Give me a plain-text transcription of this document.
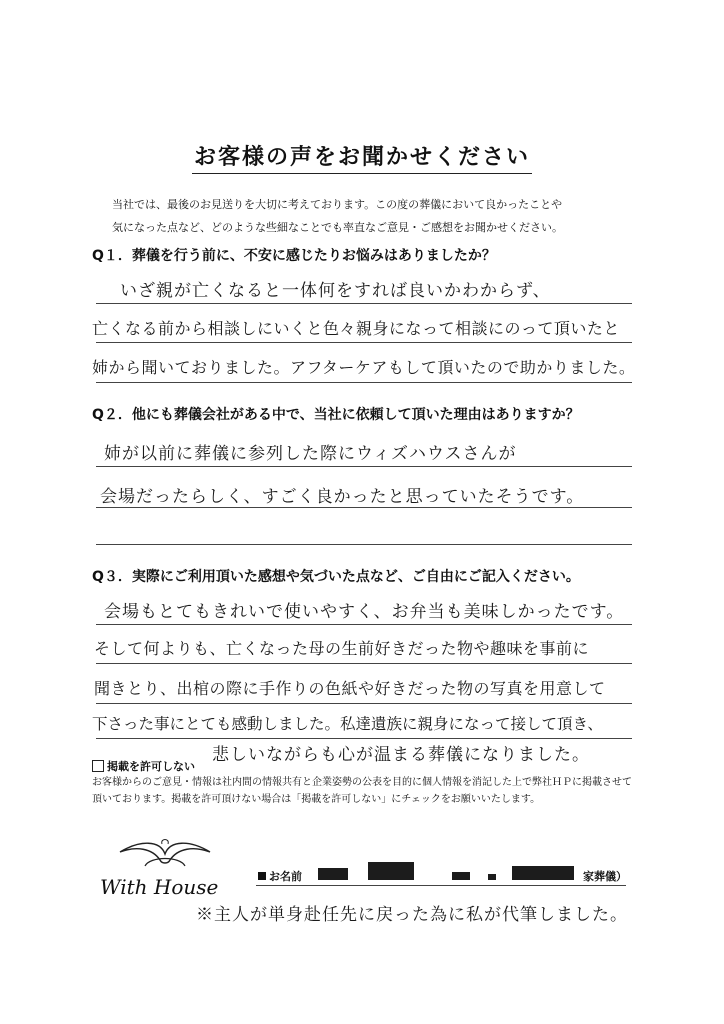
お客様の声をお聞かせください
当社では、最後のお見送りを大切に考えております。この度の葬儀において良かったことや
気になった点など、どのような些細なことでも率直なご意見・ご感想をお聞かせください。
Q１．葬儀を行う前に、不安に感じたりお悩みはありましたか？
いざ親が亡くなると一体何をすれば良いかわからず、
亡くなる前から相談しにいくと色々親身になって相談にのって頂いたと
姉から聞いておりました。アフターケアもして頂いたので助かりました。
Q２．他にも葬儀会社がある中で、当社に依頼して頂いた理由はありますか？
姉が以前に葬儀に参列した際にウィズハウスさんが
会場だったらしく、すごく良かったと思っていたそうです。
Q３．実際にご利用頂いた感想や気づいた点など、ご自由にご記入ください。
会場もとてもきれいで使いやすく、お弁当も美味しかったです。
そして何よりも、亡くなった母の生前好きだった物や趣味を事前に
聞きとり、出棺の際に手作りの色紙や好きだった物の写真を用意して
下さった事にとても感動しました。私達遺族に親身になって接して頂き、
悲しいながらも心が温まる葬儀になりました。
掲載を許可しない
お客様からのご意見・情報は社内間の情報共有と企業姿勢の公表を目的に個人情報を消記した上で弊社ＨＰに掲載させて
頂いております。掲載を許可頂けない場合は「掲載を許可しない」にチェックをお願いいたします。
With House	お名前	家葬儀）
※主人が単身赴任先に戻った為に私が代筆しました。
